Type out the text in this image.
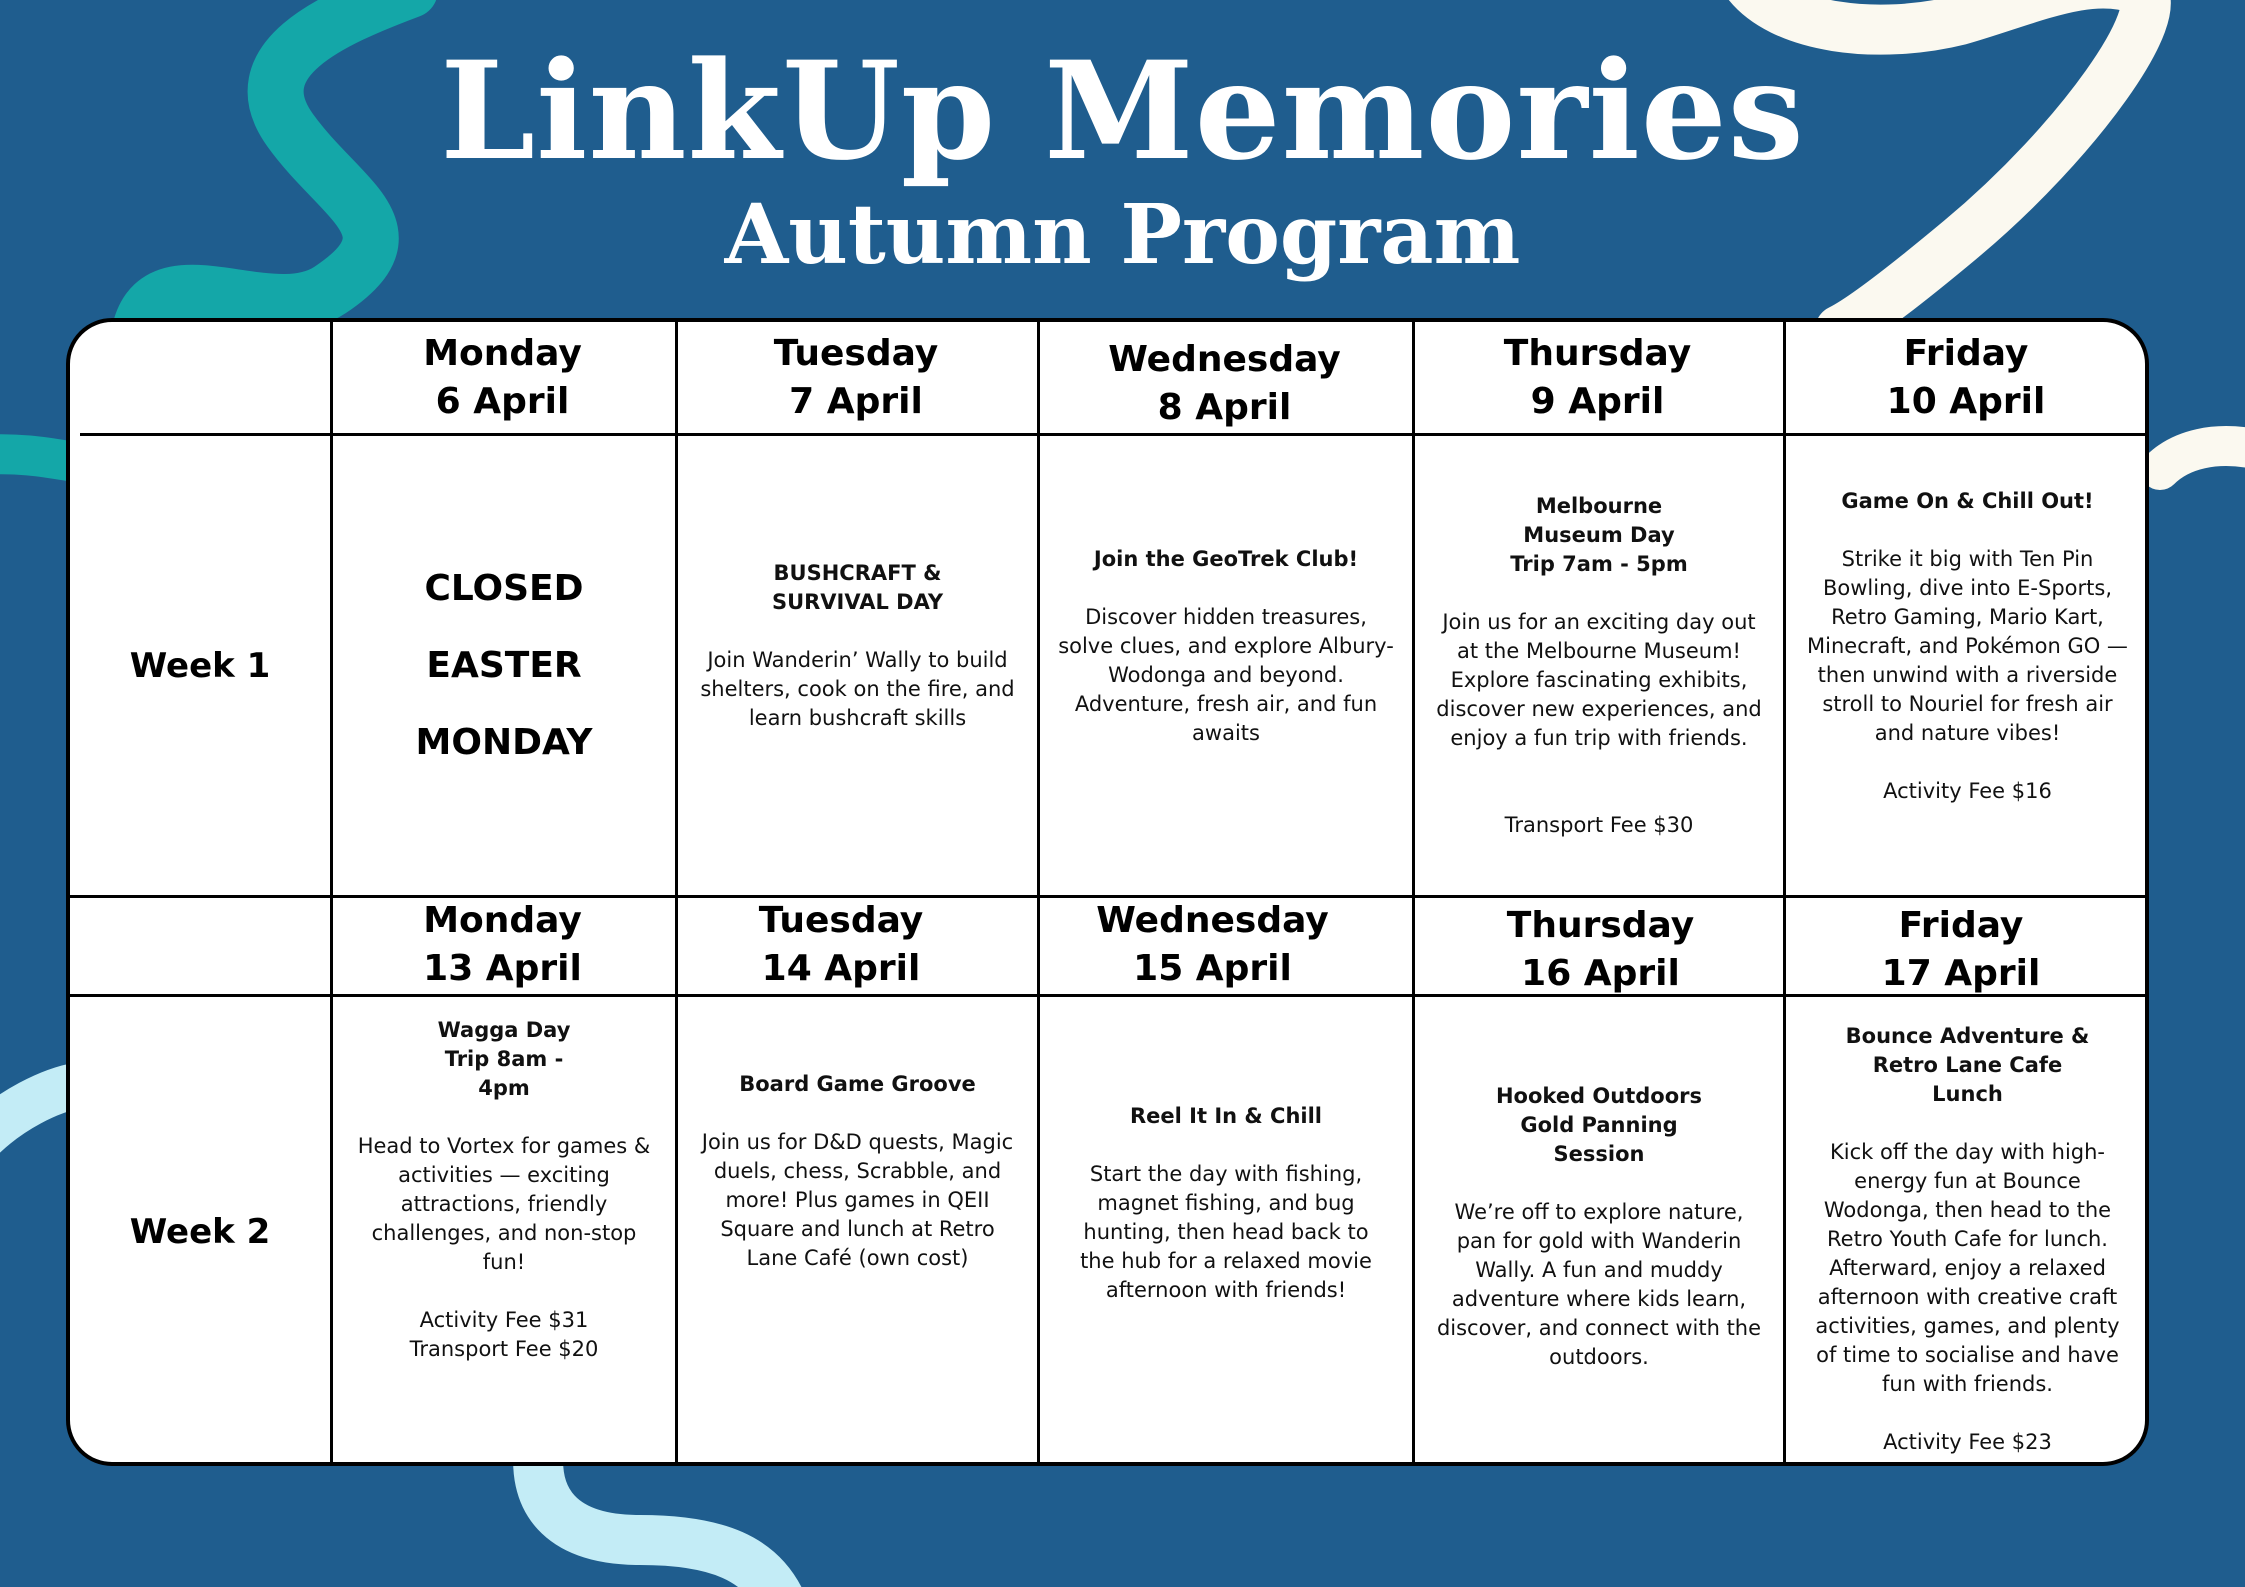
LinkUp Memories
Autumn Program
Monday
6 April
Tuesday
7 April
Wednesday
8 April
Thursday
9 April
Friday
10 April
Week 1
CLOSED
EASTER
MONDAY
BUSHCRAFT & SURVIVAL DAY
Join Wanderin’ Wally to build shelters, cook on the fire, and learn bushcraft skills
Join the GeoTrek Club!
Discover hidden treasures, solve clues, and explore Albury-Wodonga and beyond. Adventure, fresh air, and fun awaits
Melbourne Museum Day Trip 7am - 5pm
Join us for an exciting day out at the Melbourne Museum! Explore fascinating exhibits, discover new experiences, and enjoy a fun trip with friends.
Transport Fee $30
Game On & Chill Out!
Strike it big with Ten Pin Bowling, dive into E-Sports, Retro Gaming, Mario Kart, Minecraft, and Pokémon GO — then unwind with a riverside stroll to Nouriel for fresh air and nature vibes!
Activity Fee $16
Monday
13 April
Tuesday
14 April
Wednesday
15 April
Thursday
16 April
Friday
17 April
Week 2
Wagga Day Trip 8am - 4pm
Head to Vortex for games & activities — exciting attractions, friendly challenges, and non-stop fun!
Activity Fee $31
Transport Fee $20
Board Game Groove
Join us for D&D quests, Magic duels, chess, Scrabble, and more! Plus games in QEII Square and lunch at Retro Lane Café (own cost)
Reel It In & Chill
Start the day with fishing, magnet fishing, and bug hunting, then head back to the hub for a relaxed movie afternoon with friends!
Hooked Outdoors Gold Panning Session
We’re off to explore nature, pan for gold with Wanderin Wally. A fun and muddy adventure where kids learn, discover, and connect with the outdoors.
Bounce Adventure & Retro Lane Cafe Lunch
Kick off the day with high-energy fun at Bounce Wodonga, then head to the Retro Youth Cafe for lunch. Afterward, enjoy a relaxed afternoon with creative craft activities, games, and plenty of time to socialise and have fun with friends.
Activity Fee $23
